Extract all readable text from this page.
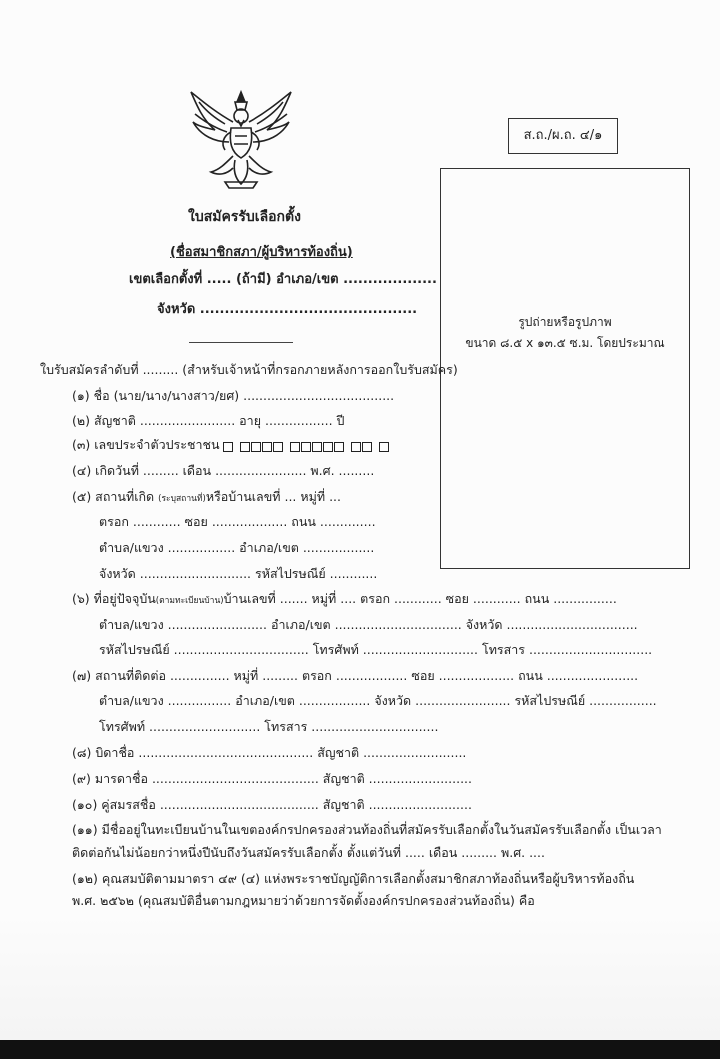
ส.ถ./ผ.ถ. ๔/๑
ใบสมัครรับเลือกตั้ง
(ชื่อสมาชิกสภา/ผู้บริหารท้องถิ่น)
เขตเลือกตั้งที่ ..... (ถ้ามี) อำเภอ/เขต ...................
จังหวัด ............................................
รูปถ่ายหรือรูปภาพ
ขนาด ๘.๕ x ๑๓.๕ ซ.ม. โดยประมาณ
ใบรับสมัครลำดับที่ ......... (สำหรับเจ้าหน้าที่กรอกภายหลังการออกใบรับสมัคร)
(๑) ชื่อ (นาย/นาง/นางสาว/ยศ) ......................................
(๒) สัญชาติ ........................ อายุ ................. ปี
(๓) เลขประจำตัวประชาชน
(๔) เกิดวันที่ ......... เดือน ....................... พ.ศ. .........
(๕) สถานที่เกิด (ระบุสถานที่)หรือบ้านเลขที่ ... หมู่ที่ ...
ตรอก ............ ซอย ................... ถนน ..............
ตำบล/แขวง ................. อำเภอ/เขต ..................
จังหวัด ............................ รหัสไปรษณีย์ ............
(๖) ที่อยู่ปัจจุบัน(ตามทะเบียนบ้าน)บ้านเลขที่ ....... หมู่ที่ .... ตรอก ............ ซอย ............ ถนน ................
ตำบล/แขวง ......................... อำเภอ/เขต ................................ จังหวัด .................................
รหัสไปรษณีย์ .................................. โทรศัพท์ ............................. โทรสาร ...............................
(๗) สถานที่ติดต่อ ............... หมู่ที่ ......... ตรอก .................. ซอย ................... ถนน .......................
ตำบล/แขวง ................ อำเภอ/เขต .................. จังหวัด ........................ รหัสไปรษณีย์ .................
โทรศัพท์ ............................ โทรสาร ................................
(๘) บิดาชื่อ ............................................ สัญชาติ ..........................
(๙) มารดาชื่อ .......................................... สัญชาติ ..........................
(๑๐) คู่สมรสชื่อ ........................................ สัญชาติ ..........................
(๑๑) มีชื่ออยู่ในทะเบียนบ้านในเขตองค์กรปกครองส่วนท้องถิ่นที่สมัครรับเลือกตั้งในวันสมัครรับเลือกตั้ง เป็นเวลา
ติดต่อกันไม่น้อยกว่าหนึ่งปีนับถึงวันสมัครรับเลือกตั้ง ตั้งแต่วันที่ ..... เดือน ......... พ.ศ. ....
(๑๒) คุณสมบัติตามมาตรา ๔๙ (๔) แห่งพระราชบัญญัติการเลือกตั้งสมาชิกสภาท้องถิ่นหรือผู้บริหารท้องถิ่น
พ.ศ. ๒๕๖๒ (คุณสมบัติอื่นตามกฎหมายว่าด้วยการจัดตั้งองค์กรปกครองส่วนท้องถิ่น) คือ
